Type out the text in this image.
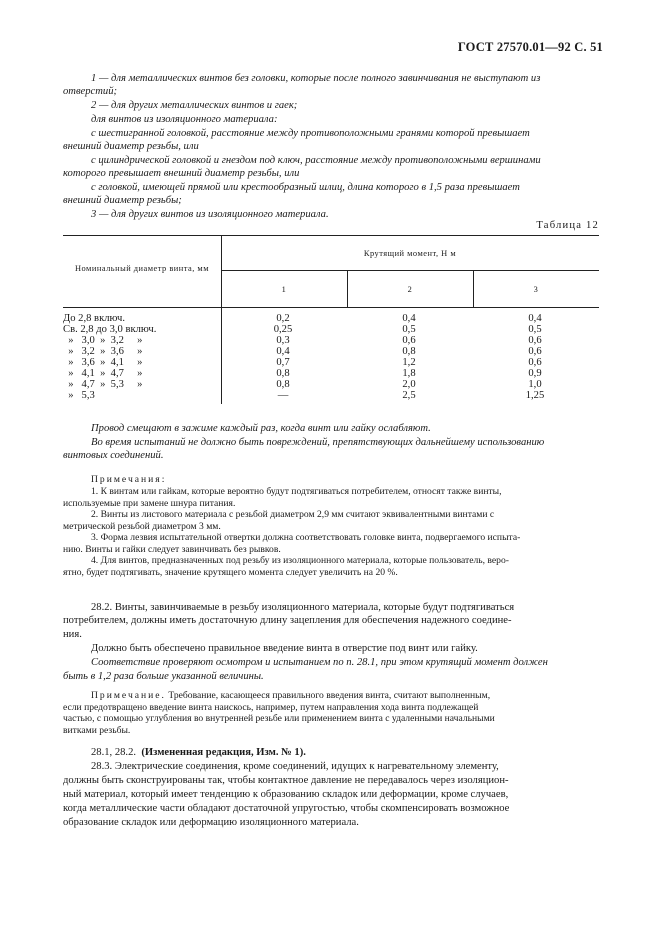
ГОСТ 27570.01—92 С. 51
1 — для металлических винтов без головки, которые после полного завинчивания не выступают из
отверстий;
2 — для других металлических винтов и гаек;
для винтов из изоляционного материала:
с шестигранной головкой, расстояние между противоположными гранями которой превышает
внешний диаметр резьбы, или
с цилиндрической головкой и гнездом под ключ, расстояние между противоположными вершинами
которого превышает внешний диаметр резьбы, или
с головкой, имеющей прямой или крестообразный шлиц, длина которого в 1,5 раза превышает
внешний диаметр резьбы;
3 — для других винтов из изоляционного материала.
Таблица 12
Номинальный диаметр винта, мм
Крутящий момент, Н м
1	2	3
До 2,8 включ.	0,2	0,4	0,4
Св. 2,8 до 3,0 включ.	0,25	0,5	0,5
»   3,0  »  3,2     »	0,3	0,6	0,6
»   3,2  »  3,6     »	0,4	0,8	0,6
»   3,6  »  4,1     »	0,7	1,2	0,6
»   4,1  »  4,7     »	0,8	1,8	0,9
»   4,7  »  5,3     »	0,8	2,0	1,0
»   5,3	—	2,5	1,25
Провод смещают в зажиме каждый раз, когда винт или гайку ослабляют.
Во время испытаний не должно быть повреждений, препятствующих дальнейшему использованию
винтовых соединений.
Примечания:
1. К винтам или гайкам, которые вероятно будут подтягиваться потребителем, относят также винты,
используемые при замене шнура питания.
2. Винты из листового материала с резьбой диаметром 2,9 мм считают эквивалентными винтами с
метрической резьбой диаметром 3 мм.
3. Форма лезвия испытательной отвертки должна соответствовать головке винта, подвергаемого испыта-
нию. Винты и гайки следует завинчивать без рывков.
4. Для винтов, предназначенных под резьбу из изоляционного материала, которые пользователь, веро-
ятно, будет подтягивать, значение крутящего момента следует увеличить на 20 %.
28.2. Винты, завинчиваемые в резьбу изоляционного материала, которые будут подтягиваться
потребителем, должны иметь достаточную длину зацепления для обеспечения надежного соедине-
ния.
Должно быть обеспечено правильное введение винта в отверстие под винт или гайку.
Соответствие проверяют осмотром и испытанием по п. 28.1, при этом крутящий момент должен
быть в 1,2 раза больше указанной величины.
Примечание. Требование, касающееся правильного введения винта, считают выполненным,
если предотвращено введение винта наискось, например, путем направления хода винта подлежащей
частью, с помощью углубления во внутренней резьбе или применением винта с удаленными начальными
витками резьбы.
28.1, 28.2. (Измененная редакция, Изм. № 1).
28.3. Электрические соединения, кроме соединений, идущих к нагревательному элементу,
должны быть сконструированы так, чтобы контактное давление не передавалось через изоляцион-
ный материал, который имеет тенденцию к образованию складок или деформации, кроме случаев,
когда металлические части обладают достаточной упругостью, чтобы скомпенсировать возможное
образование складок или деформацию изоляционного материала.
